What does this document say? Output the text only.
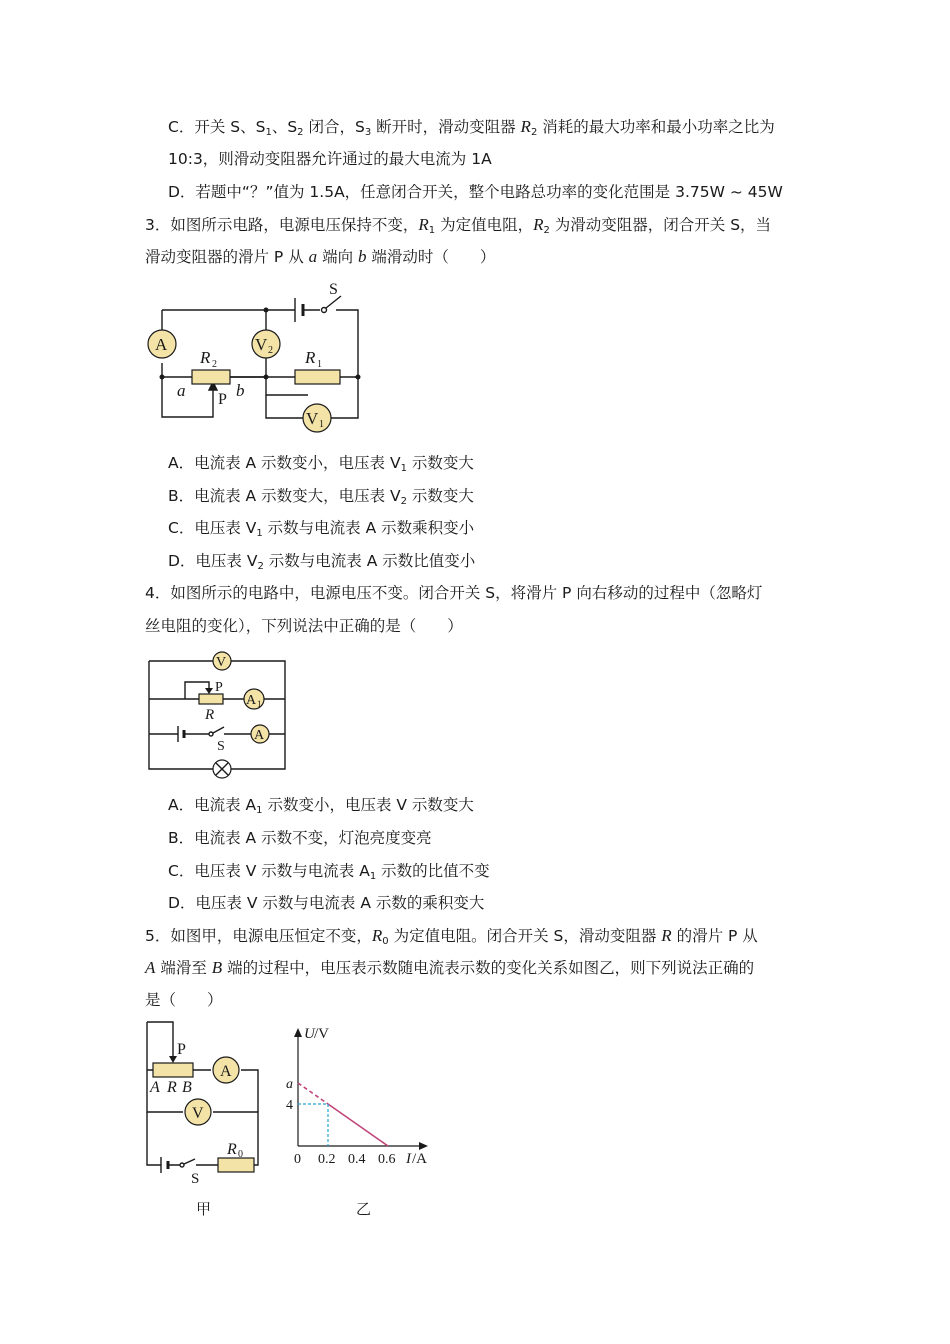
C．开关 S、$S_1$、$S_2$ 闭合，$S_3$ 断开时，滑动变阻器 $R_2$ 消耗的最大功率和最小功率之比为
10:3，则滑动变阻器允许通过的最大电流为 1A
D．若题中“？”值为 1.5A，任意闭合开关，整个电路总功率的变化范围是 3.75W ~ 45W
3．如图所示电路，电源电压保持不变，$R_1$ 为定值电阻，$R_2$ 为滑动变阻器，闭合开关 S，当
滑动变阻器的滑片 P 从 a 端向 b 端滑动时（　　）
A	V 2
V 1
R 2	R 1
a	b
P
S
A．电流表 A 示数变小，电压表 $V_1$ 示数变大
B．电流表 A 示数变大，电压表 $V_2$ 示数变大
C．电压表 $V_1$ 示数与电流表 A 示数乘积变小
D．电压表 $V_2$ 示数与电流表 A 示数比值变小
4．如图所示的电路中，电源电压不变。闭合开关 S，将滑片 P 向右移动的过程中（忽略灯
丝电阻的变化），下列说法中正确的是（　　）
V
P
R
A 1
A
S
A．电流表 $A_1$ 示数变小，电压表 V 示数变大
B．电流表 A 示数不变，灯泡亮度变亮
C．电压表 V 示数与电流表 $A_1$ 示数的比值不变
D．电压表 V 示数与电流表 A 示数的乘积变大
5．如图甲，电源电压恒定不变，$R_0$ 为定值电阻。闭合开关 S，滑动变阻器 R 的滑片 P 从
A 端滑至 B 端的过程中，电压表示数随电流表示数的变化关系如图乙，则下列说法正确的
是（　　）
P
A R B
A
V
S
R 0
甲
0 0.2 0.4 0.6
4
a
U /V
I /A
乙
